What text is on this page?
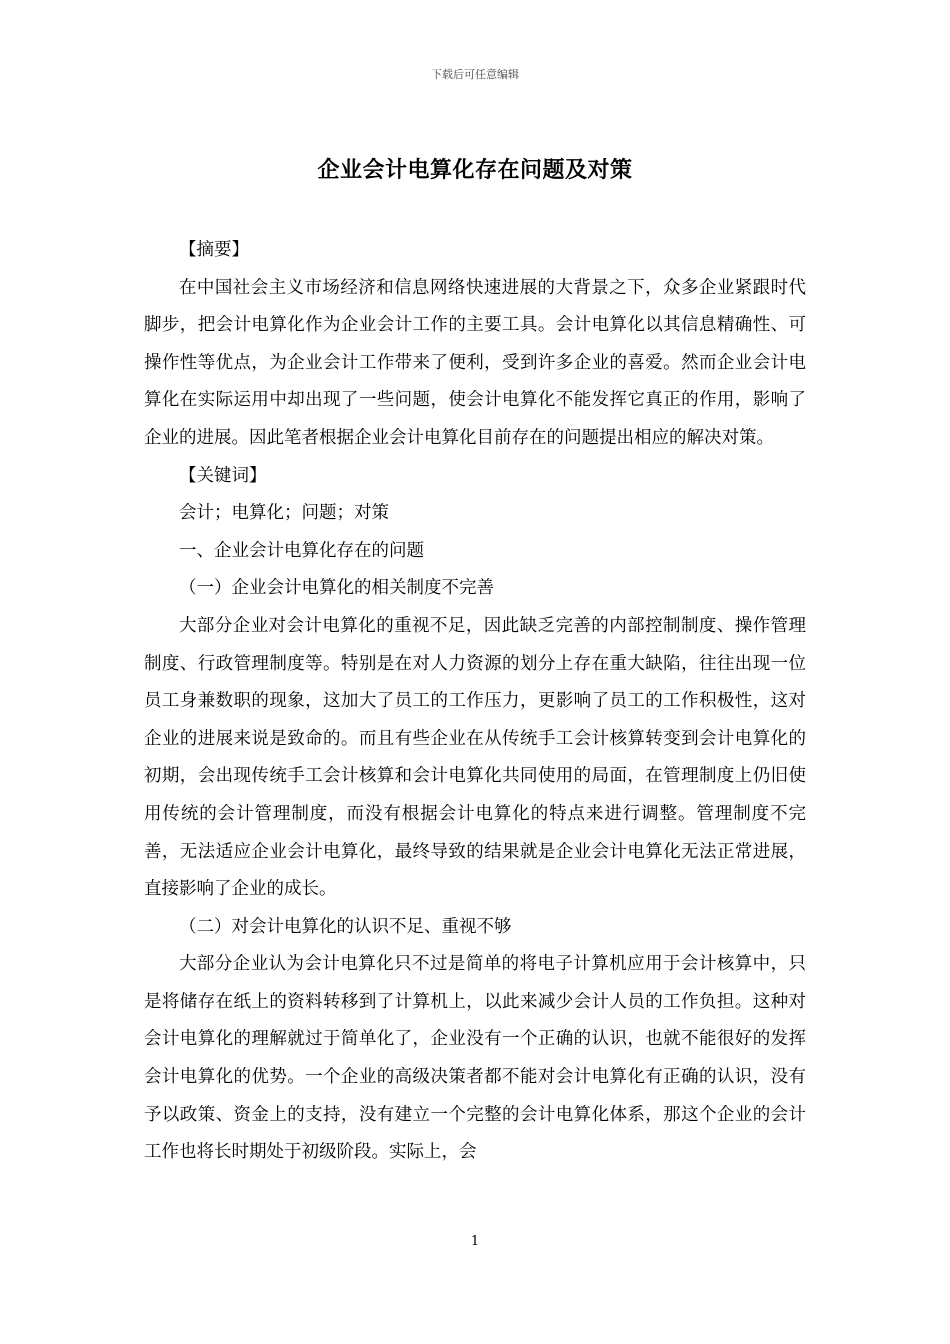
下载后可任意编辑
企业会计电算化存在问题及对策

【摘要】

在中国社会主义市场经济和信息网络快速进展的大背景之下，众多企业紧跟时代脚步，把会计电算化作为企业会计工作的主要工具。会计电算化以其信息精确性、可操作性等优点，为企业会计工作带来了便利，受到许多企业的喜爱。然而企业会计电算化在实际运用中却出现了一些问题，使会计电算化不能发挥它真正的作用，影响了企业的进展。因此笔者根据企业会计电算化目前存在的问题提出相应的解决对策。

【关键词】

会计；电算化；问题；对策

一、企业会计电算化存在的问题

（一）企业会计电算化的相关制度不完善

大部分企业对会计电算化的重视不足，因此缺乏完善的内部控制制度、操作管理制度、行政管理制度等。特别是在对人力资源的划分上存在重大缺陷，往往出现一位员工身兼数职的现象，这加大了员工的工作压力，更影响了员工的工作积极性，这对企业的进展来说是致命的。而且有些企业在从传统手工会计核算转变到会计电算化的初期，会出现传统手工会计核算和会计电算化共同使用的局面，在管理制度上仍旧使用传统的会计管理制度，而没有根据会计电算化的特点来进行调整。管理制度不完善，无法适应企业会计电算化，最终导致的结果就是企业会计电算化无法正常进展，直接影响了企业的成长。

（二）对会计电算化的认识不足、重视不够

大部分企业认为会计电算化只不过是简单的将电子计算机应用于会计核算中，只是将储存在纸上的资料转移到了计算机上，以此来减少会计人员的工作负担。这种对会计电算化的理解就过于简单化了，企业没有一个正确的认识，也就不能很好的发挥会计电算化的优势。一个企业的高级决策者都不能对会计电算化有正确的认识，没有予以政策、资金上的支持，没有建立一个完整的会计电算化体系，那这个企业的会计工作也将长时期处于初级阶段。实际上，会

1
